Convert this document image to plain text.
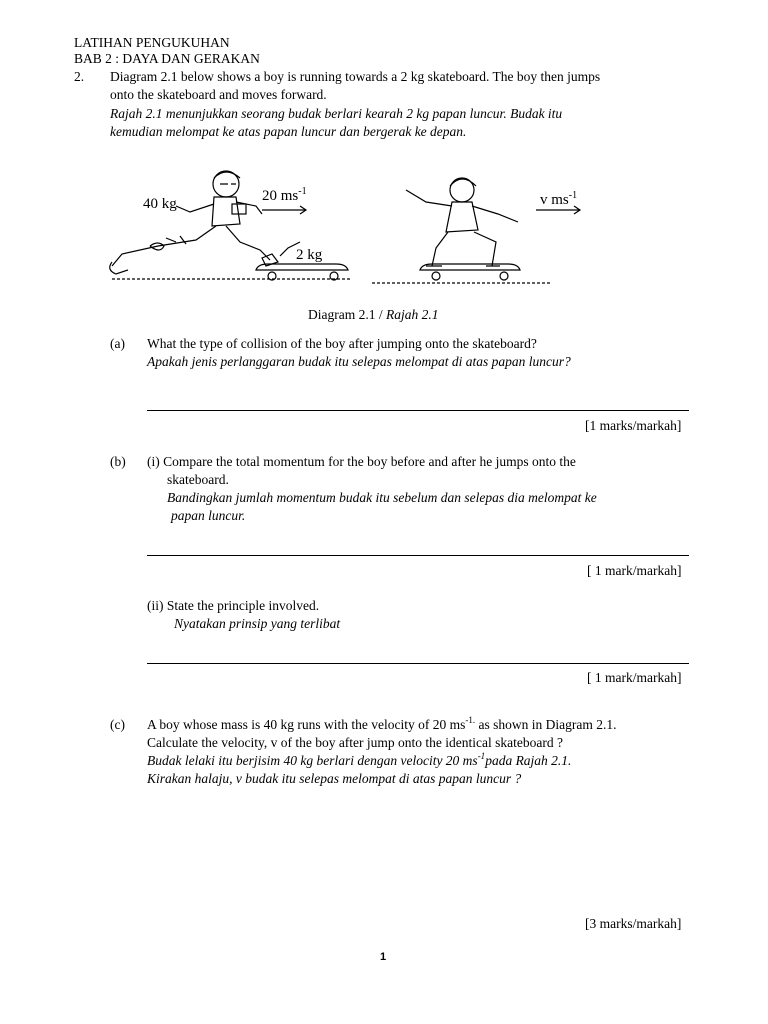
LATIHAN PENGUKUHAN
BAB 2 : DAYA DAN GERAKAN
2. Diagram 2.1 below shows a boy is running towards a 2 kg skateboard. The boy then jumps
onto the skateboard and moves forward.
Rajah 2.1 menunjukkan seorang budak berlari kearah 2 kg papan luncur. Budak itu
kemudian melompat ke atas papan luncur dan bergerak ke depan.
40 kg	20 $ms^{-1}$
2 kg
v $ms^{-1}$
Diagram 2.1 / Rajah 2.1
(a) What the type of collision of the boy after jumping onto the skateboard?
Apakah jenis perlanggaran budak itu selepas melompat di atas papan luncur?
[1 marks/markah]
(b) (i) Compare the total momentum for the boy before and after he jumps onto the
skateboard.
Bandingkan jumlah momentum budak itu sebelum dan selepas dia melompat ke
papan luncur.
[ 1 mark/markah]
(ii) State the principle involved.
Nyatakan prinsip yang terlibat
[ 1 mark/markah]
(c) A boy whose mass is 40 kg runs with the velocity of 20 $ms^{-1.}$ as shown in Diagram 2.1.
Calculate the velocity, v of the boy after jump onto the identical skateboard ?
Budak lelaki itu berjisim 40 kg berlari dengan velocity 20 $ms^{-1}pada$ Rajah 2.1.
Kirakan halaju, v budak itu selepas melompat di atas papan luncur ?
[3 marks/markah]
1
